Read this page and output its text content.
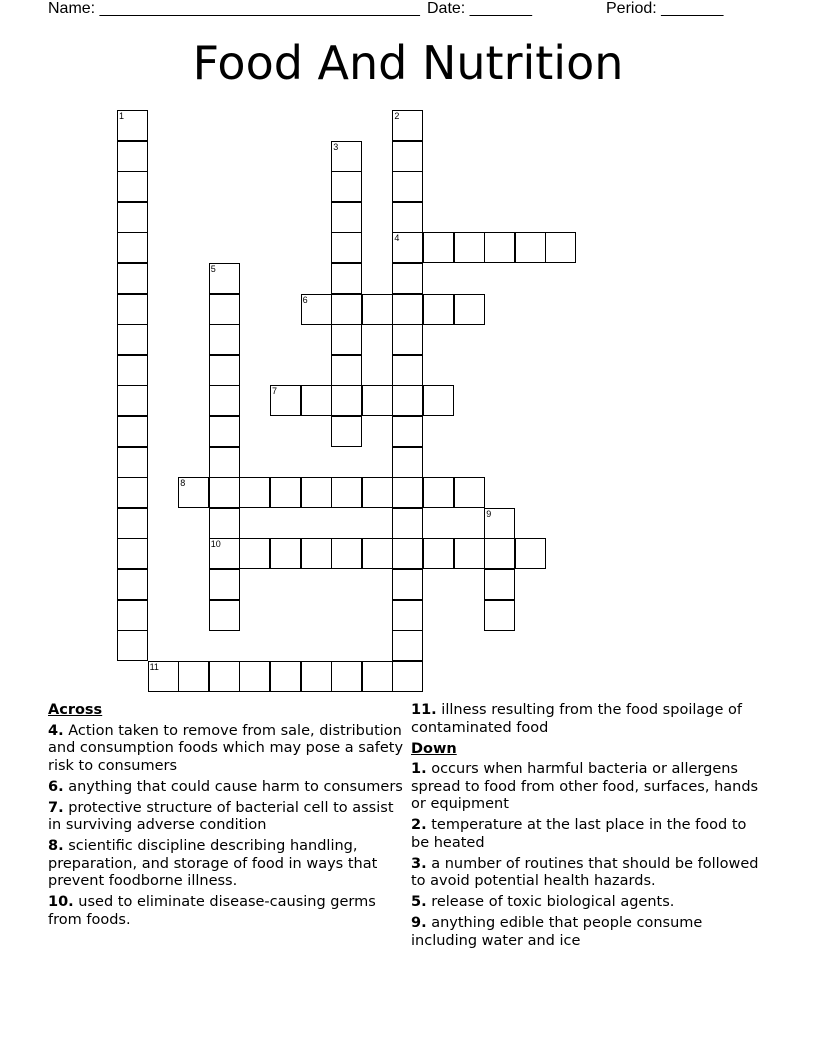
Name: ____________________________________

Date: _______

	Period: _______

Food And Nutrition
1	2
4
3
5
10
6
7
8
9
11
Across
4. Action taken to remove from sale, distribution and consumption foods which may pose a safety risk to consumers
6. anything that could cause harm to consumers
7. protective structure of bacterial cell to assist in surviving adverse condition
8. scientific discipline describing handling, preparation, and storage of food in ways that prevent foodborne illness.
10. used to eliminate disease-causing germs from foods.
11. illness resulting from the food spoilage of contaminated food
Down
1. occurs when harmful bacteria or allergens spread to food from other food, surfaces, hands or equipment
2. temperature at the last place in the food to be heated
3. a number of routines that should be followed to avoid potential health hazards.
5. release of toxic biological agents.
9. anything edible that people consume including water and ice
